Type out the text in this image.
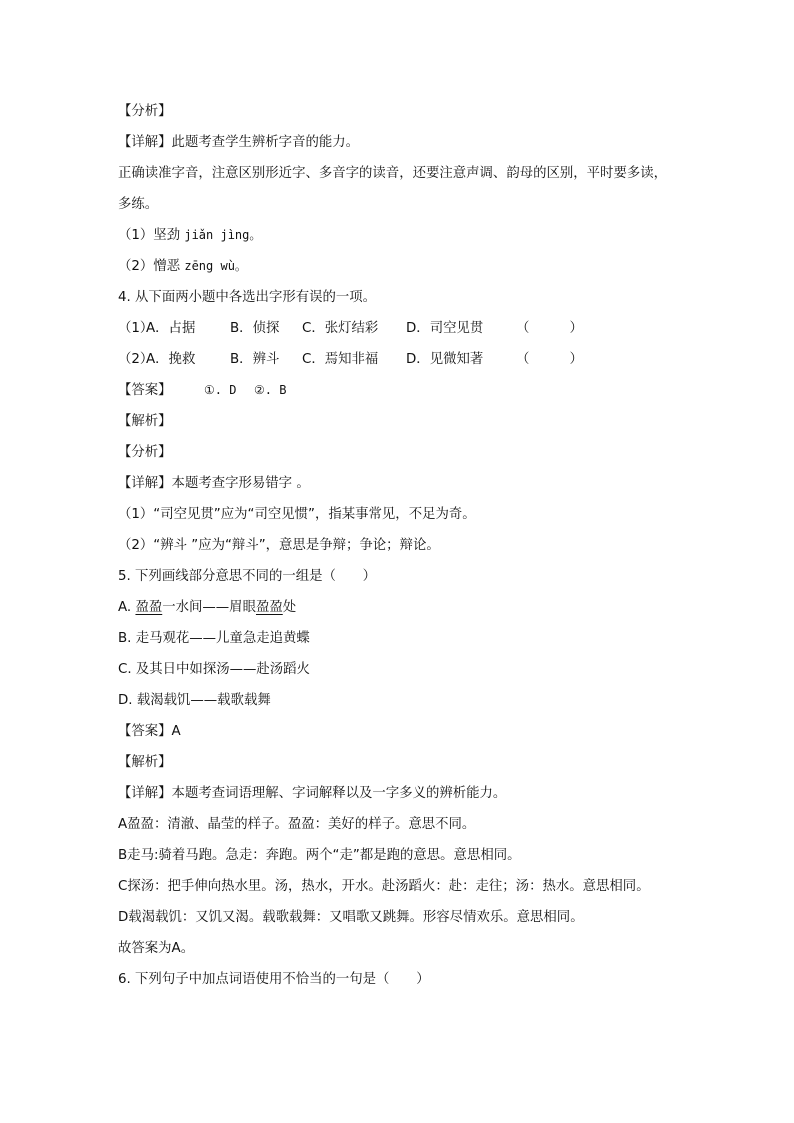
【分析】
【详解】此题考查学生辨析字音的能力。
正确读准字音，注意区别形近字、多音字的读音，还要注意声调、韵母的区别，平时要多读，
多练。
（1）坚劲 jiǎn jìng。
（2）憎恶 zēng wù。
4. 从下面两小题中各选出字形有误的一项。
（1）A．占据	B．侦探 C．张灯结彩 D．司空见贯 （　　　）
（2）A．挽救	B．辨斗 C．焉知非福 D．见微知著 （　　　）
【答案】	①. D ②. B
【解析】
【分析】
【详解】本题考查字形易错字 。
（1）“司空见贯”应为“司空见惯”，指某事常见，不足为奇。
（2）“辨斗 ”应为“辩斗”，意思是争辩；争论；辩论。
5. 下列画线部分意思不同的一组是（　　）
A. 盈盈一水间——眉眼盈盈处
B. 走马观花——儿童急走追黄蝶
C. 及其日中如探汤——赴汤蹈火
D. 载渴载饥——载歌载舞
【答案】A
【解析】
【详解】本题考查词语理解、字词解释以及一字多义的辨析能力。
A盈盈：清澈、晶莹的样子。盈盈：美好的样子。意思不同。
B走马:骑着马跑。急走：奔跑。两个“走”都是跑的意思。意思相同。
C探汤：把手伸向热水里。汤，热水，开水。赴汤蹈火：赴：走往；汤：热水。意思相同。
D载渴载饥：又饥又渴。载歌载舞：又唱歌又跳舞。形容尽情欢乐。意思相同。
故答案为A。
6. 下列句子中加点词语使用不恰当的一句是（　　）
